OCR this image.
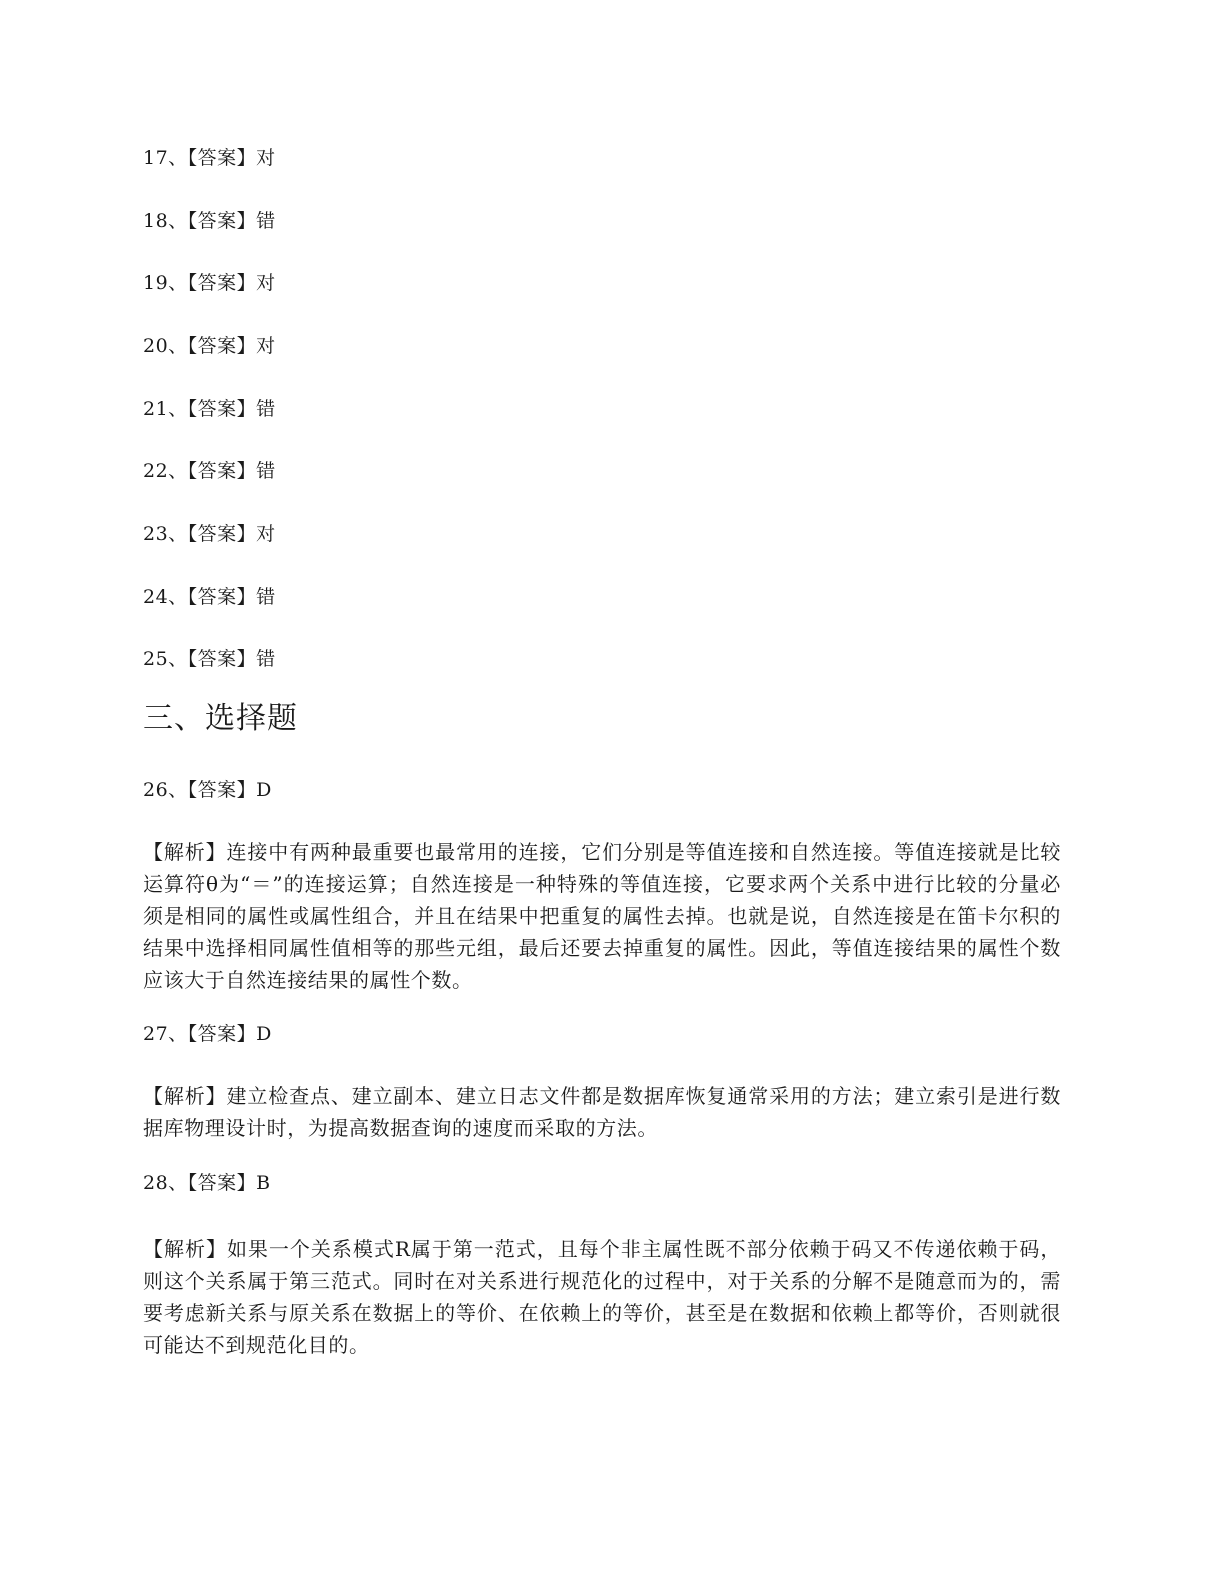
17、【答案】对
18、【答案】错
19、【答案】对
20、【答案】对
21、【答案】错
22、【答案】错
23、【答案】对
24、【答案】错
25、【答案】错
三、选择题
26、【答案】D
【解析】连接中有两种最重要也最常用的连接，它们分别是等值连接和自然连接。等值连接就是比较运算符θ为“＝”的连接运算；自然连接是一种特殊的等值连接，它要求两个关系中进行比较的分量必须是相同的属性或属性组合，并且在结果中把重复的属性去掉。也就是说，自然连接是在笛卡尔积的结果中选择相同属性值相等的那些元组，最后还要去掉重复的属性。因此，等值连接结果的属性个数应该大于自然连接结果的属性个数。
27、【答案】D
【解析】建立检查点、建立副本、建立日志文件都是数据库恢复通常采用的方法；建立索引是进行数据库物理设计时，为提高数据查询的速度而采取的方法。
28、【答案】B
【解析】如果一个关系模式R属于第一范式，且每个非主属性既不部分依赖于码又不传递依赖于码，则这个关系属于第三范式。同时在对关系进行规范化的过程中，对于关系的分解不是随意而为的，需要考虑新关系与原关系在数据上的等价、在依赖上的等价，甚至是在数据和依赖上都等价，否则就很可能达不到规范化目的。
